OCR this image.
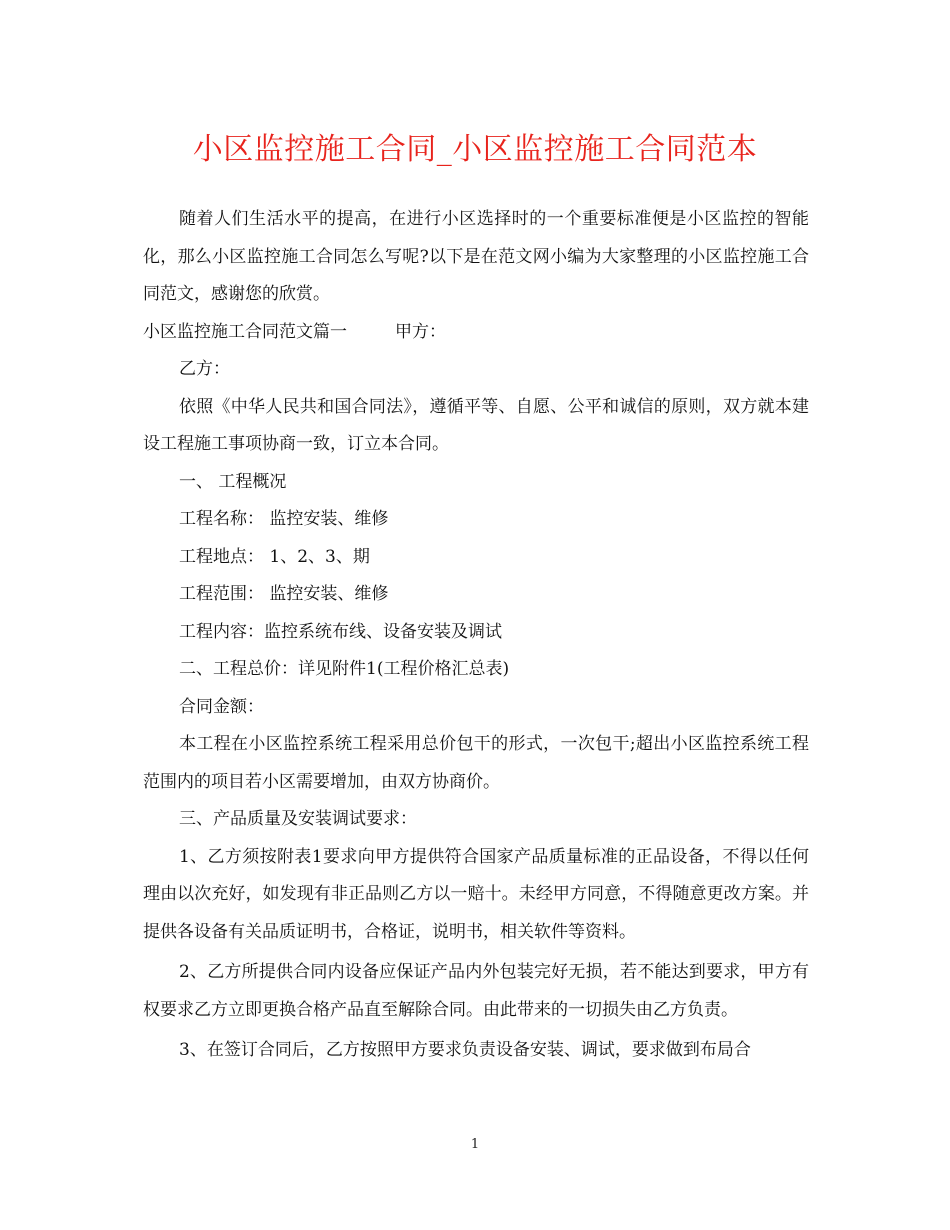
小区监控施工合同_小区监控施工合同范本

随着人们生活水平的提高，在进行小区选择时的一个重要标准便是小区监控的智能化，那么小区监控施工合同怎么写呢?以下是在范文网小编为大家整理的小区监控施工合同范文，感谢您的欣赏。

小区监控施工合同范文篇一	甲方：

乙方：

依照《中华人民共和国合同法》，遵循平等、自愿、公平和诚信的原则，双方就本建设工程施工事项协商一致，订立本合同。

一、 工程概况

工程名称： 监控安装、维修

工程地点： 1、2、3、期

工程范围： 监控安装、维修

工程内容：监控系统布线、设备安装及调试

二、工程总价：详见附件1(工程价格汇总表)

合同金额：

本工程在小区监控系统工程采用总价包干的形式，一次包干;超出小区监控系统工程范围内的项目若小区需要增加，由双方协商价。

三、产品质量及安装调试要求：

1、乙方须按附表1要求向甲方提供符合国家产品质量标准的正品设备，不得以任何理由以次充好，如发现有非正品则乙方以一赔十。未经甲方同意，不得随意更改方案。并提供各设备有关品质证明书，合格证，说明书，相关软件等资料。

2、乙方所提供合同内设备应保证产品内外包装完好无损，若不能达到要求，甲方有权要求乙方立即更换合格产品直至解除合同。由此带来的一切损失由乙方负责。

3、在签订合同后，乙方按照甲方要求负责设备安装、调试，要求做到布局合

1
